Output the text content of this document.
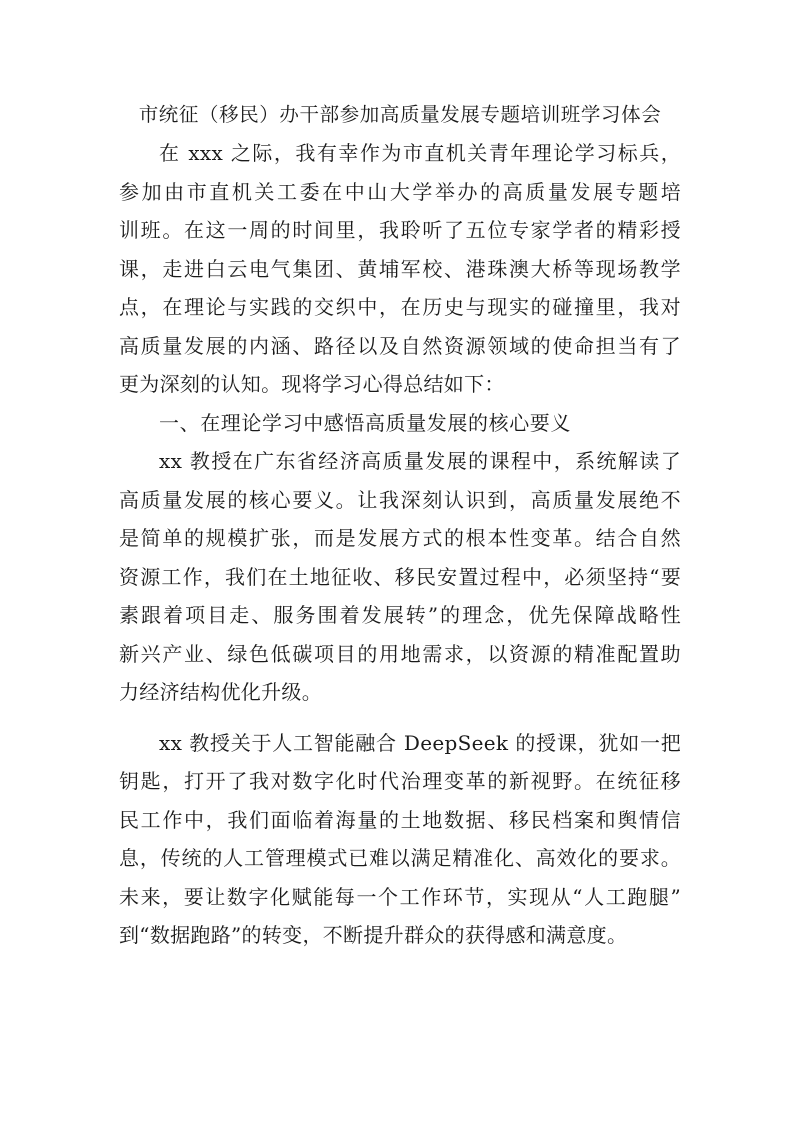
市统征（移民）办干部参加高质量发展专题培训班学习体会
在 xxx 之际，我有幸作为市直机关青年理论学习标兵，
参加由市直机关工委在中山大学举办的高质量发展专题培
训班。在这一周的时间里，我聆听了五位专家学者的精彩授
课，走进白云电气集团、黄埔军校、港珠澳大桥等现场教学
点，在理论与实践的交织中，在历史与现实的碰撞里，我对
高质量发展的内涵、路径以及自然资源领域的使命担当有了
更为深刻的认知。现将学习心得总结如下：

一、在理论学习中感悟高质量发展的核心要义

xx 教授在广东省经济高质量发展的课程中，系统解读了
高质量发展的核心要义。让我深刻认识到，高质量发展绝不
是简单的规模扩张，而是发展方式的根本性变革。结合自然
资源工作，我们在土地征收、移民安置过程中，必须坚持“要
素跟着项目走、服务围着发展转”的理念，优先保障战略性
新兴产业、绿色低碳项目的用地需求，以资源的精准配置助
力经济结构优化升级。
xx 教授关于人工智能融合 DeepSeek 的授课，犹如一把
钥匙，打开了我对数字化时代治理变革的新视野。在统征移
民工作中，我们面临着海量的土地数据、移民档案和舆情信
息，传统的人工管理模式已难以满足精准化、高效化的要求。
未来，要让数字化赋能每一个工作环节，实现从“人工跑腿”
到“数据跑路”的转变，不断提升群众的获得感和满意度。
